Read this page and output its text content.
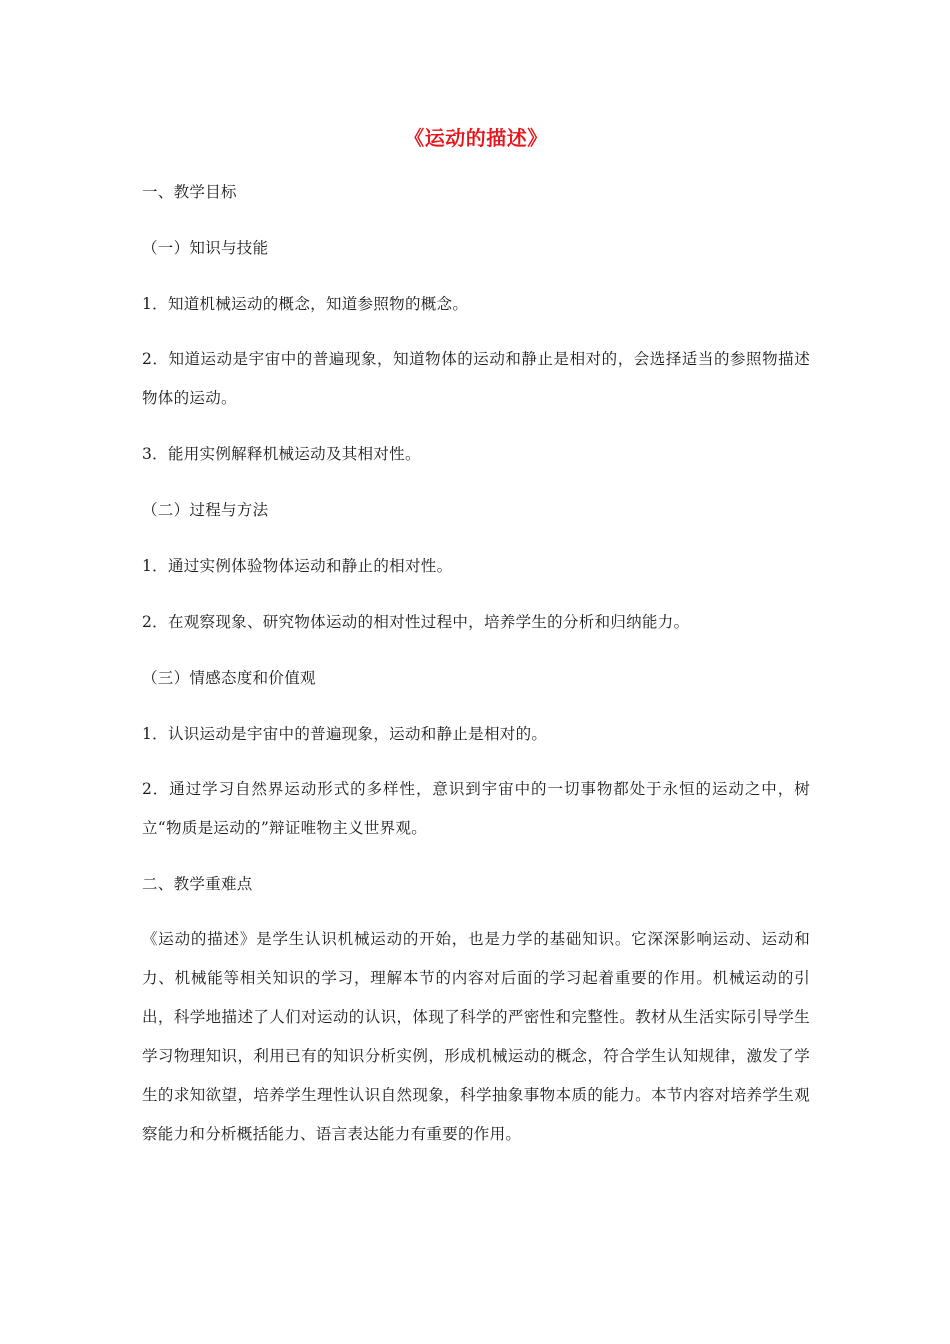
《运动的描述》

一、教学目标

（一）知识与技能

1．知道机械运动的概念，知道参照物的概念。

2．知道运动是宇宙中的普遍现象，知道物体的运动和静止是相对的，会选择适当的参照物描述物体的运动。

3．能用实例解释机械运动及其相对性。

（二）过程与方法

1．通过实例体验物体运动和静止的相对性。

2．在观察现象、研究物体运动的相对性过程中，培养学生的分析和归纳能力。

（三）情感态度和价值观

1．认识运动是宇宙中的普遍现象，运动和静止是相对的。

2．通过学习自然界运动形式的多样性，意识到宇宙中的一切事物都处于永恒的运动之中，树立“物质是运动的”辩证唯物主义世界观。

二、教学重难点

《运动的描述》是学生认识机械运动的开始，也是力学的基础知识。它深深影响运动、运动和力、机械能等相关知识的学习，理解本节的内容对后面的学习起着重要的作用。机械运动的引出，科学地描述了人们对运动的认识，体现了科学的严密性和完整性。教材从生活实际引导学生学习物理知识，利用已有的知识分析实例，形成机械运动的概念，符合学生认知规律，激发了学生的求知欲望，培养学生理性认识自然现象，科学抽象事物本质的能力。本节内容对培养学生观察能力和分析概括能力、语言表达能力有重要的作用。
